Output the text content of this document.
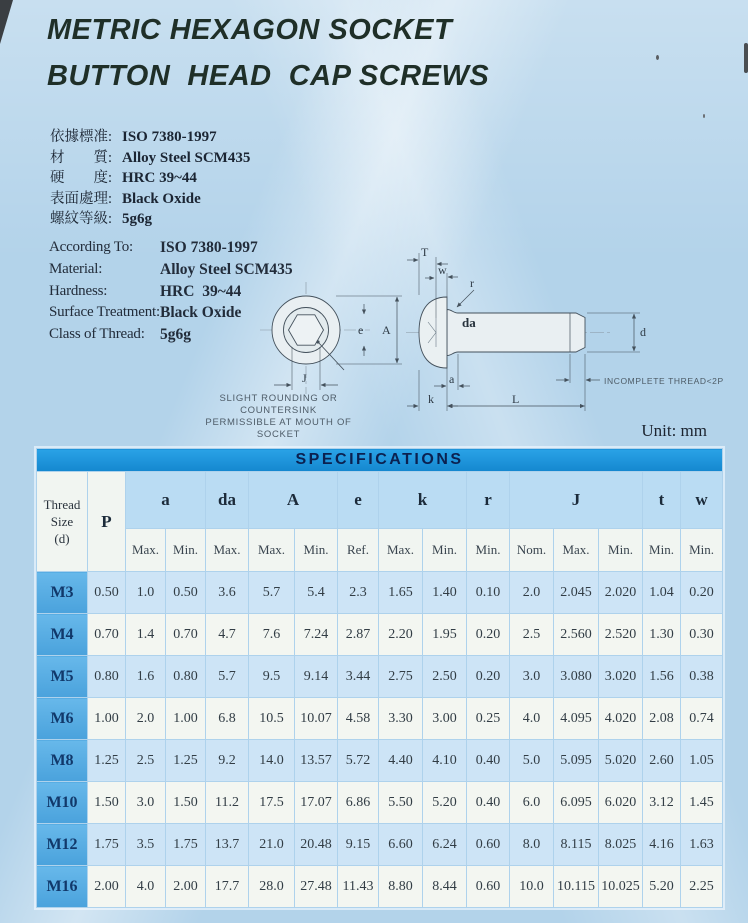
METRIC HEXAGON SOCKET
BUTTON  HEAD  CAP SCREWS
依據標准: ISO 7380-1997
材　　質: Alloy Steel SCM435
硬　　度: HRC 39~44
表面處理: Black Oxide
螺紋等級: 5g6g
According To:	ISO 7380-1997
Material:	Alloy Steel SCM435
Hardness:	HRC  39~44
Surface Treatment: Black Oxide
Class of Thread: 5g6g	e A
J
T
w
r
da
d
a
k	L
INCOMPLETE THREAD<2P
SLIGHT ROUNDING OR COUNTERSINK
PERMISSIBLE AT MOUTH OF SOCKET	Unit: mm
SPECIFICATIONS															

Thread
Size
(d)	P	a		da	A		e	k		r	J			t	w
		Max.	Min.	Max.	Max.	Min.	Ref.	Max.	Min.	Min.	Nom.	Max.	Min.	Min.	Min.
M3	0.50	1.0	0.50	3.6	5.7	5.4	2.3	1.65	1.40	0.10	2.0	2.045	2.020	1.04	0.20
M4	0.70	1.4	0.70	4.7	7.6	7.24	2.87	2.20	1.95	0.20	2.5	2.560	2.520	1.30	0.30
M5	0.80	1.6	0.80	5.7	9.5	9.14	3.44	2.75	2.50	0.20	3.0	3.080	3.020	1.56	0.38
M6	1.00	2.0	1.00	6.8	10.5	10.07	4.58	3.30	3.00	0.25	4.0	4.095	4.020	2.08	0.74
M8	1.25	2.5	1.25	9.2	14.0	13.57	5.72	4.40	4.10	0.40	5.0	5.095	5.020	2.60	1.05
M10	1.50	3.0	1.50	11.2	17.5	17.07	6.86	5.50	5.20	0.40	6.0	6.095	6.020	3.12	1.45
M12	1.75	3.5	1.75	13.7	21.0	20.48	9.15	6.60	6.24	0.60	8.0	8.115	8.025	4.16	1.63
M16	2.00	4.0	2.00	17.7	28.0	27.48	11.43	8.80	8.44	0.60	10.0	10.115	10.025	5.20	2.25
